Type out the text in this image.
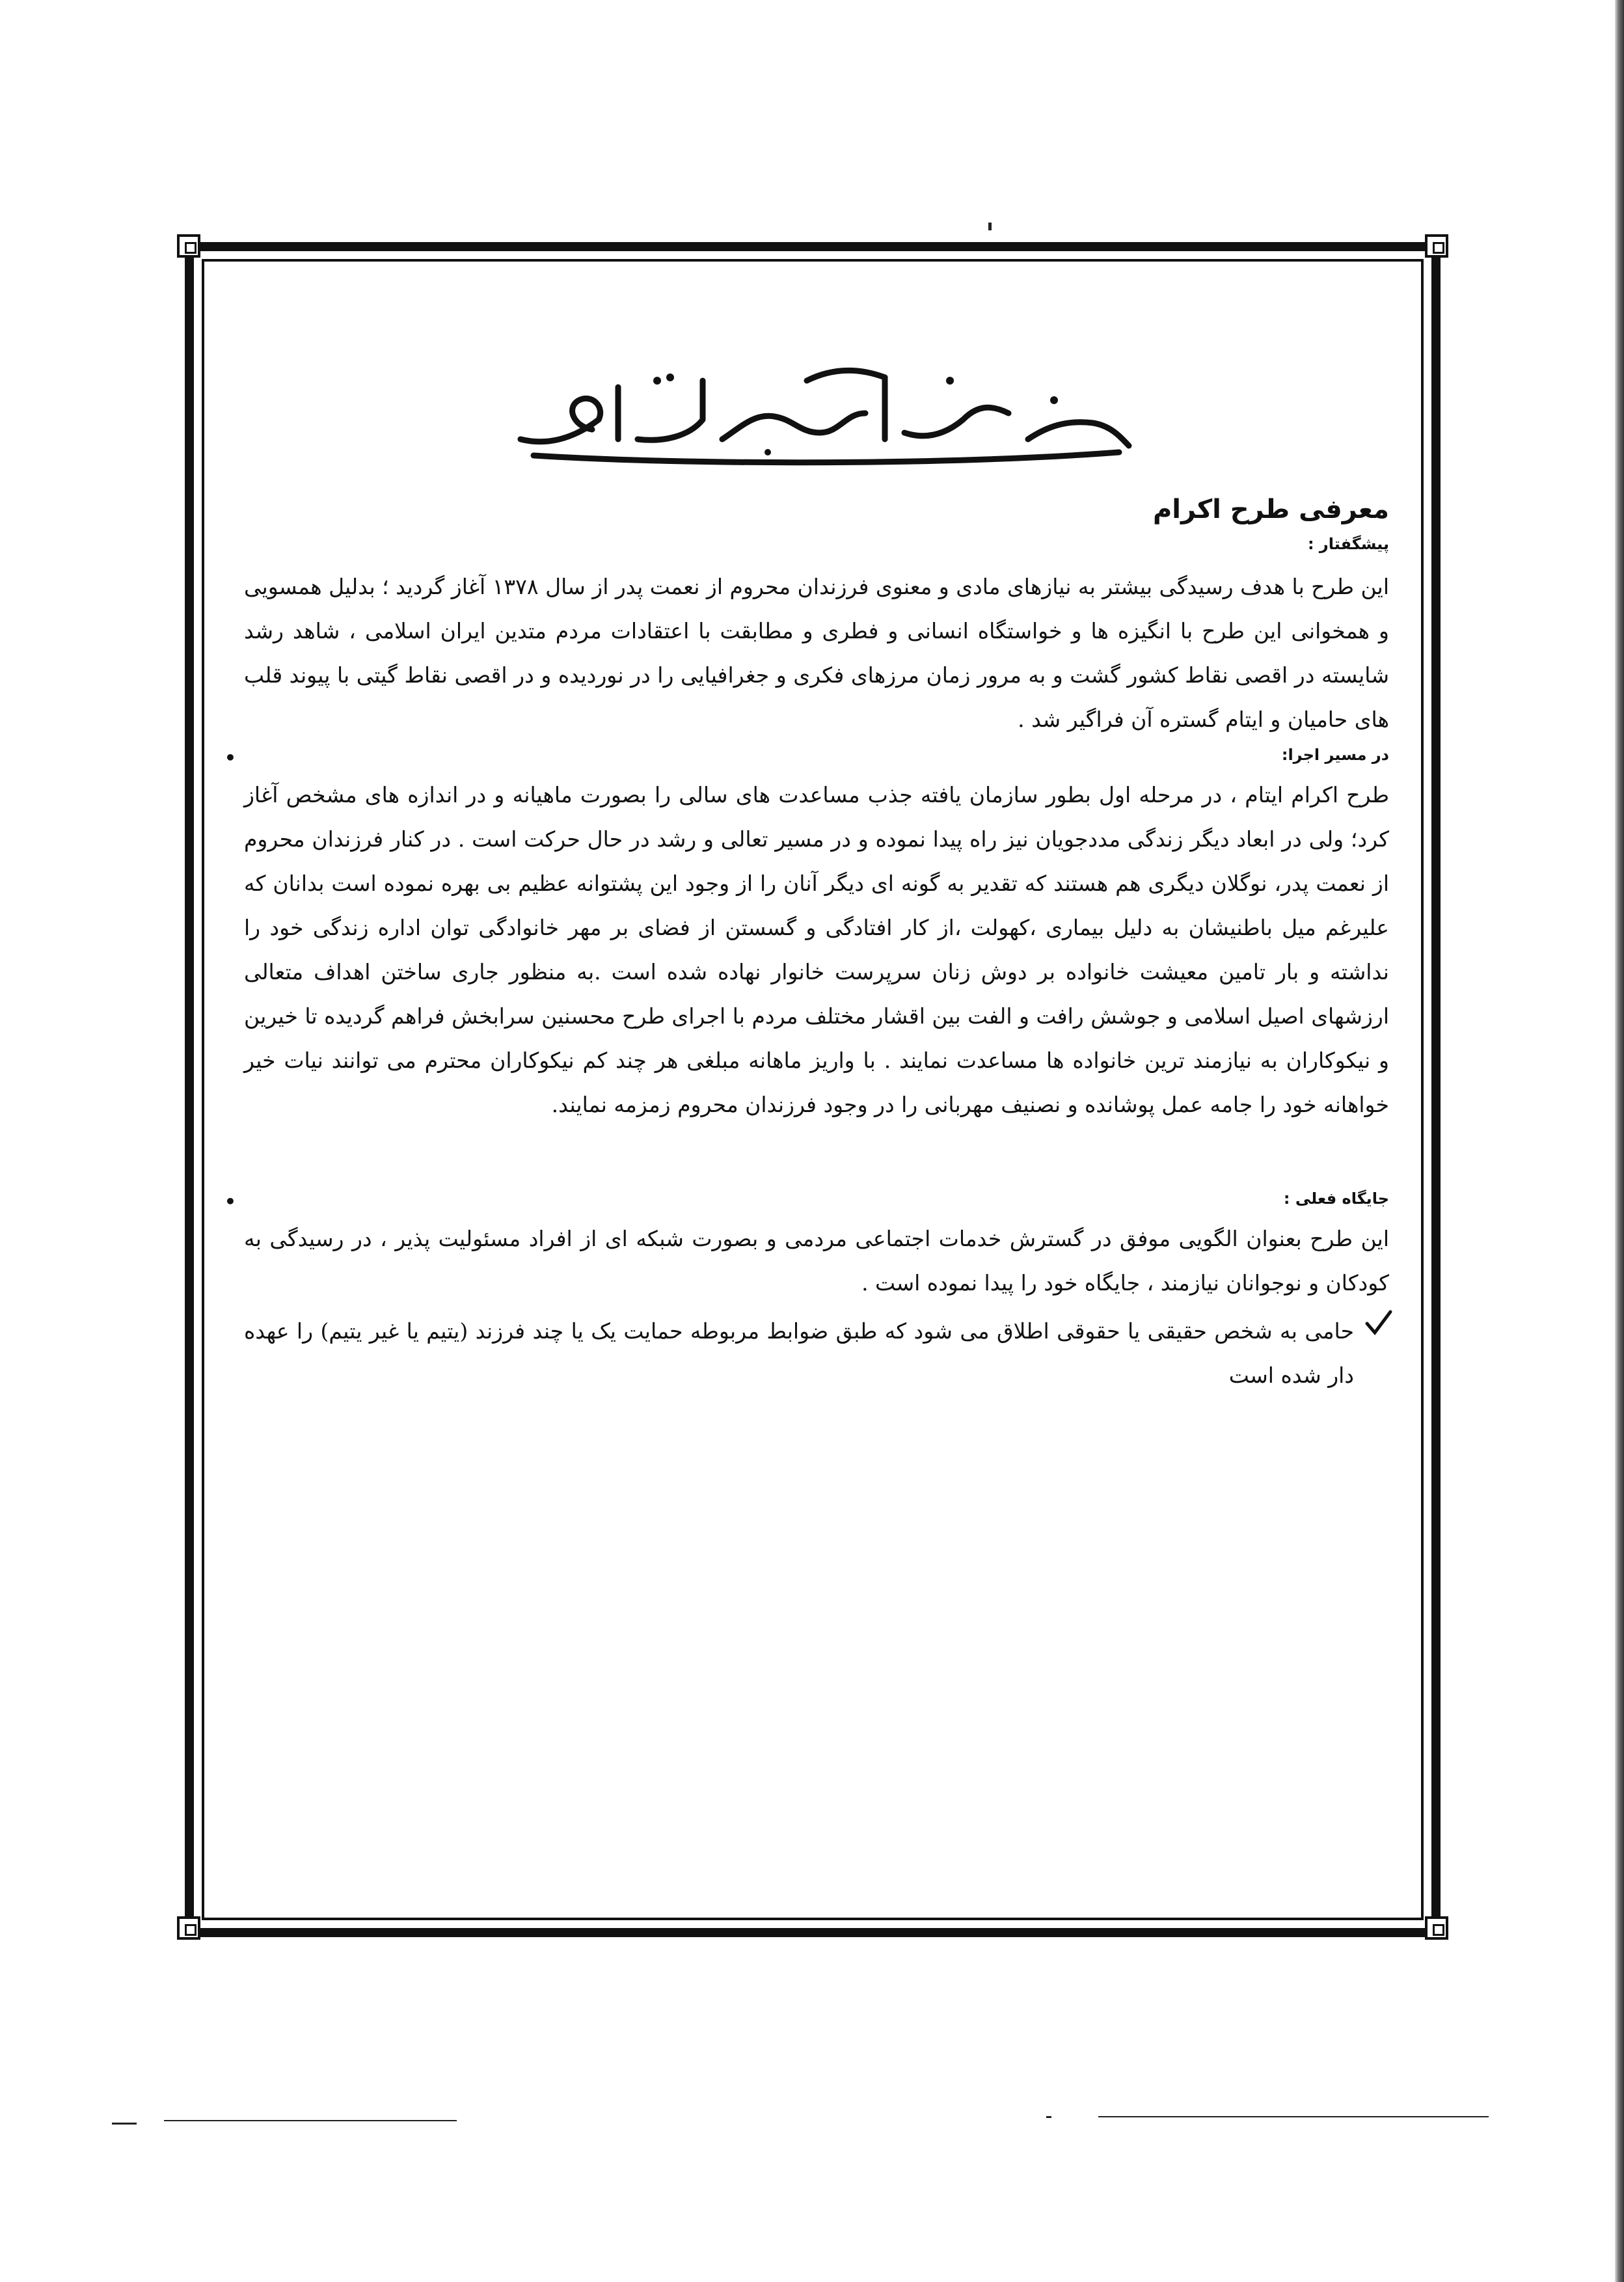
بسم الله الرحمن الرحیم
معرفی طرح اکرام
پیشگفتار :

این طرح با هدف رسیدگی بیشتر به نیازهای مادی و معنوی فرزندان محروم از نعمت پدر از سال ۱۳۷۸ آغاز گردید ؛ بدلیل همسویی و همخوانی این طرح با انگیزه ها و خواستگاه انسانی و فطری و مطابقت با اعتقادات مردم متدین ایران اسلامی ، شاهد رشد شایسته در اقصی نقاط کشور گشت و به مرور زمان مرزهای فکری و جغرافیایی را در نوردیده و در اقصی نقاط گیتی با پیوند قلب های حامیان و ایتام گستره آن فراگیر شد .

•	در مسیر اجرا:

طرح اکرام ایتام ، در مرحله اول بطور سازمان یافته جذب مساعدت های سالی را بصورت ماهیانه و در اندازه های مشخص آغاز کرد؛ ولی در ابعاد دیگر زندگی مددجویان نیز راه پیدا نموده و در مسیر تعالی و رشد در حال حرکت است . در کنار فرزندان محروم از نعمت پدر، نوگلان دیگری هم هستند که تقدیر به گونه ای دیگر آنان را از وجود این پشتوانه عظیم بی بهره نموده است بدانان که علیرغم میل باطنیشان به دلیل بیماری ،کهولت ،از کار افتادگی و گسستن از فضای بر مهر خانوادگی توان اداره زندگی خود را نداشته و بار تامین معیشت خانواده بر دوش زنان سرپرست خانوار نهاده شده است .به منظور جاری ساختن اهداف متعالی ارزشهای اصیل اسلامی و جوشش رافت و الفت بین اقشار مختلف مردم با اجرای طرح محسنین سرابخش فراهم گردیده تا خیرین و نیکوکاران به نیازمند ترین خانواده ها مساعدت نمایند . با واریز ماهانه مبلغی هر چند کم نیکوکاران محترم می توانند نیات خیر خواهانه خود را جامه عمل پوشانده و نصنیف مهربانی را در وجود فرزندان محروم زمزمه نمایند.

•	جایگاه فعلی :

این طرح بعنوان الگویی موفق در گسترش خدمات اجتماعی مردمی و بصورت شبکه ای از افراد مسئولیت پذیر ، در رسیدگی به کودکان و نوجوانان نیازمند ، جایگاه خود را پیدا نموده است .

حامی به شخص حقیقی یا حقوقی اطلاق می شود که طبق ضوابط مربوطه حمایت یک یا چند فرزند (یتیم یا غیر یتیم) را عهده دار شده است
